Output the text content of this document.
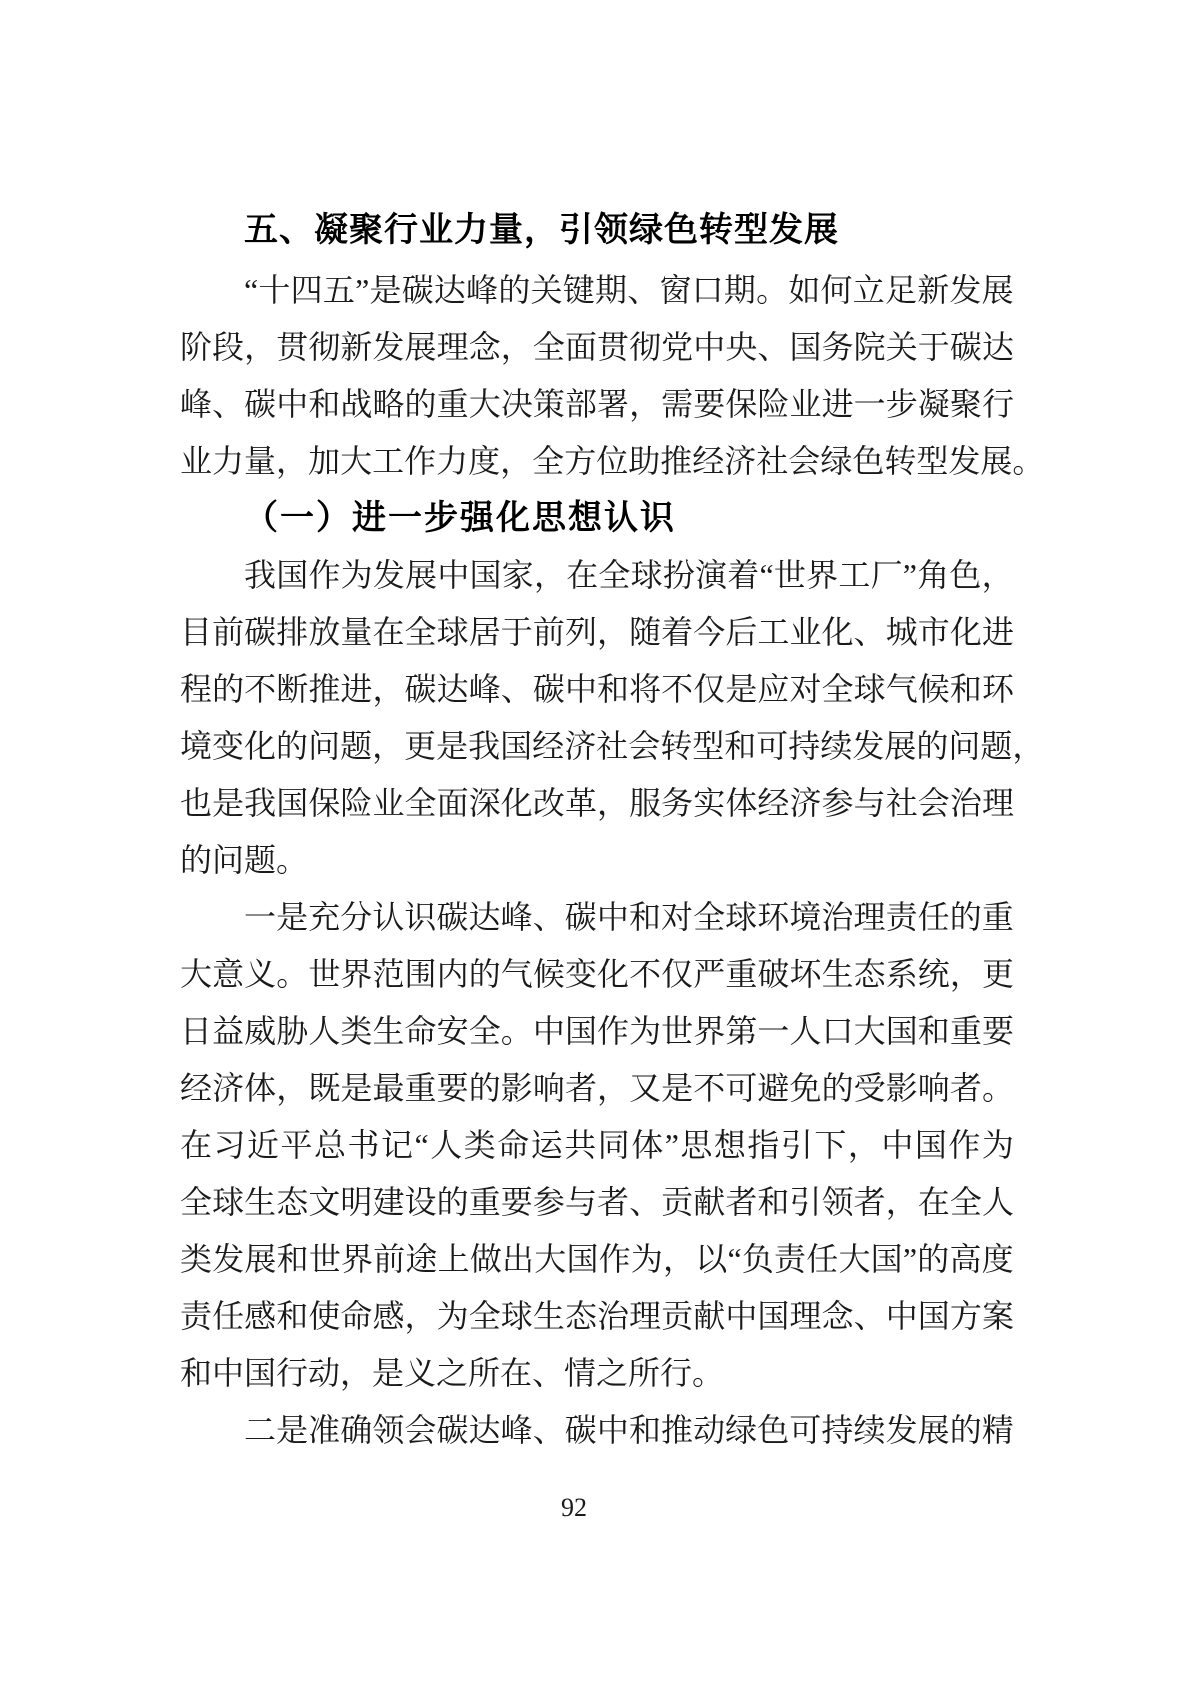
五、凝聚行业力量，引领绿色转型发展
“ 十 四 五 ” 是 碳 达 峰 的 关 键 期 、 窗 口 期 。 如 何 立 足 新 发 展
阶 段 ， 贯 彻 新 发 展 理 念 ， 全 面 贯 彻 党 中 央 、 国 务 院 关 于 碳 达
峰 、 碳 中 和 战 略 的 重 大 决 策 部 署 ， 需 要 保 险 业 进 一 步 凝 聚 行
业 力 量 ， 加 大 工 作 力 度 ， 全 方 位 助 推 经 济 社 会 绿 色 转 型 发 展 。
（一）进一步强化思想认识
我 国 作 为 发 展 中 国 家 ， 在 全 球 扮 演 着 “ 世 界 工 厂 ” 角 色 ，
目 前 碳 排 放 量 在 全 球 居 于 前 列 ， 随 着 今 后 工 业 化 、 城 市 化 进
程 的 不 断 推 进 ， 碳 达 峰 、 碳 中 和 将 不 仅 是 应 对 全 球 气 候 和 环
境 变 化 的 问 题 ， 更 是 我 国 经 济 社 会 转 型 和 可 持 续 发 展 的 问 题 ，
也 是 我 国 保 险 业 全 面 深 化 改 革 ， 服 务 实 体 经 济 参 与 社 会 治 理
的问题。
一 是 充 分 认 识 碳 达 峰 、 碳 中 和 对 全 球 环 境 治 理 责 任 的 重
大 意 义 。 世 界 范 围 内 的 气 候 变 化 不 仅 严 重 破 坏 生 态 系 统 ， 更
日 益 威 胁 人 类 生 命 安 全 。 中 国 作 为 世 界 第 一 人 口 大 国 和 重 要
经 济 体 ， 既 是 最 重 要 的 影 响 者 ， 又 是 不 可 避 免 的 受 影 响 者 。
在 习 近 平 总 书 记 “ 人 类 命 运 共 同 体 ” 思 想 指 引 下 ， 中 国 作 为
全 球 生 态 文 明 建 设 的 重 要 参 与 者 、 贡 献 者 和 引 领 者 ， 在 全 人
类 发 展 和 世 界 前 途 上 做 出 大 国 作 为 ， 以 “ 负 责 任 大 国 ” 的 高 度
责 任 感 和 使 命 感 ， 为 全 球 生 态 治 理 贡 献 中 国 理 念 、 中 国 方 案
和中国行动，是义之所在、情之所行。
二 是 准 确 领 会 碳 达 峰 、 碳 中 和 推 动 绿 色 可 持 续 发 展 的 精
92
